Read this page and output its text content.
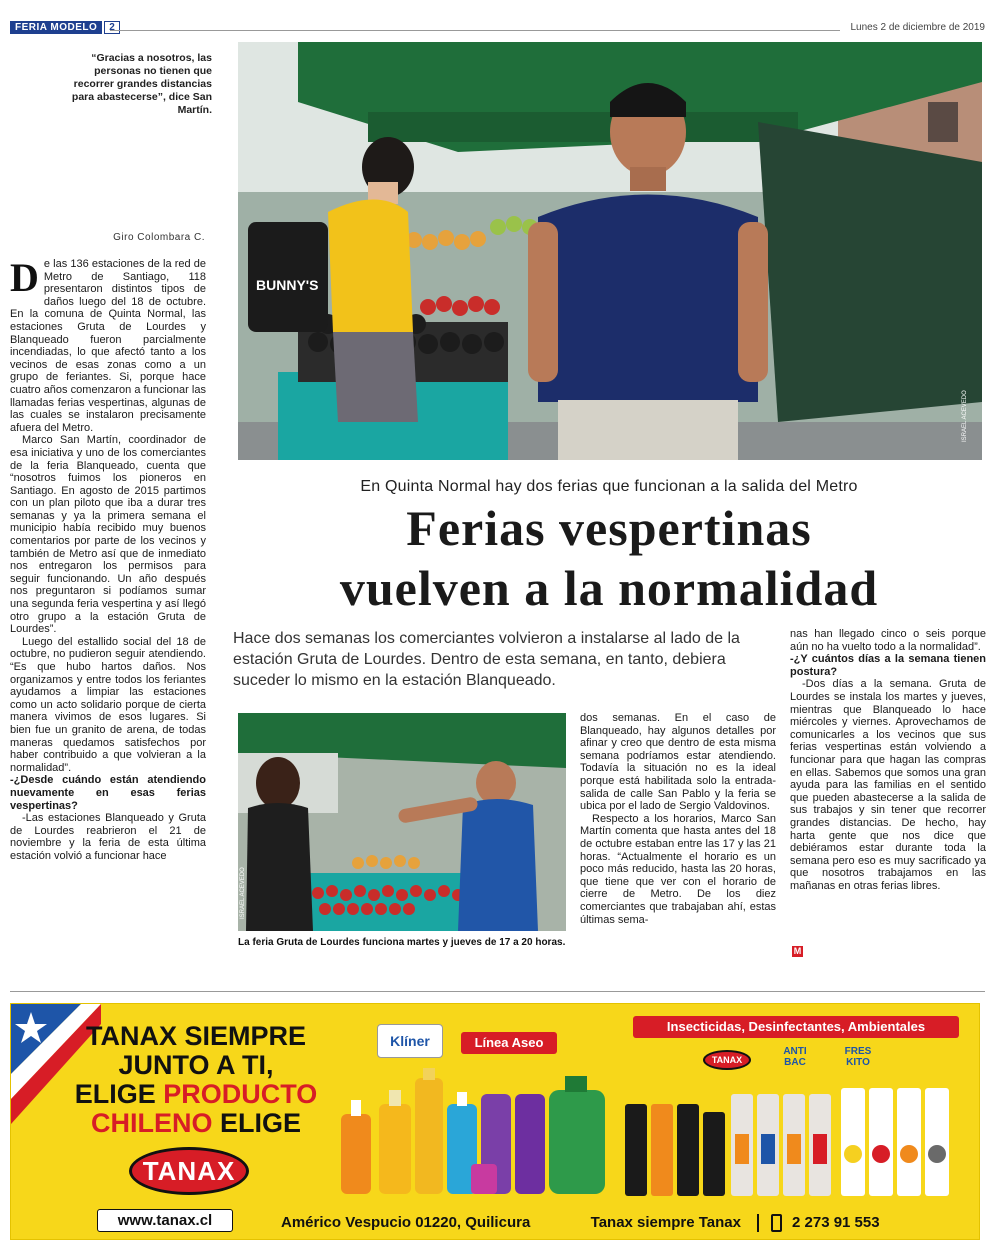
FERIA MODELO	2	Lunes 2 de diciembre de 2019
“Gracias a nosotros, las personas no tienen que recorrer grandes distancias para abastecerse”, dice San Martín.
Giro Colombara C.
BUNNY'S
ISRAEL ACEVEDO
En Quinta Normal hay dos ferias que funcionan a la salida del Metro
Ferias vespertinas
vuelven a la normalidad
Hace dos semanas los comerciantes volvieron a instalarse al lado de la estación Gruta de Lourdes. Dentro de esta semana, en tanto, debiera suceder lo mismo en la estación Blanqueado.

De las 136 estaciones de la red de Metro de Santiago, 118 presentaron distintos tipos de daños luego del 18 de octubre. En la comuna de Quinta Normal, las estaciones Gruta de Lourdes y Blanqueado fueron parcialmente incendiadas, lo que afectó tanto a los vecinos de esas zonas como a un grupo de feriantes. Si, porque hace cuatro años comenzaron a funcionar las llamadas ferias vespertinas, algunas de las cuales se instalaron precisamente afuera del Metro.

Marco San Martín, coordinador de esa iniciativa y uno de los comerciantes de la feria Blanqueado, cuenta que “nosotros fuimos los pioneros en Santiago. En agosto de 2015 partimos con un plan piloto que iba a durar tres semanas y ya la primera semana el municipio había recibido muy buenos comentarios por parte de los vecinos y también de Metro así que de inmediato nos entregaron los permisos para seguir funcionando. Un año después nos preguntaron si podíamos sumar una segunda feria vespertina y así llegó otro grupo a la estación Gruta de Lourdes”.

Luego del estallido social del 18 de octubre, no pudieron seguir atendiendo. “Es que hubo hartos daños. Nos organizamos y entre todos los feriantes ayudamos a limpiar las estaciones como un acto solidario porque de cierta manera vivimos de esos lugares. Si bien fue un granito de arena, de todas maneras quedamos satisfechos por haber contribuido a que volvieran a la normalidad”.

-¿Desde cuándo están atendiendo nuevamente en esas ferias vespertinas?

-Las estaciones Blanqueado y Gruta de Lourdes reabrieron el 21 de noviembre y la feria de esta última estación volvió a funcionar hace

ISRAEL ACEVEDO
La feria Gruta de Lourdes funciona martes y jueves de 17 a 20 horas.

dos semanas. En el caso de Blanqueado, hay algunos detalles por afinar y creo que dentro de esta misma semana podríamos estar atendiendo. Todavía la situación no es la ideal porque está habilitada solo la entrada-salida de calle San Pablo y la feria se ubica por el lado de Sergio Valdovinos.

Respecto a los horarios, Marco San Martín comenta que hasta antes del 18 de octubre estaban entre las 17 y las 21 horas. “Actualmente el horario es un poco más reducido, hasta las 20 horas, que tiene que ver con el horario de cierre de Metro. De los diez comerciantes que trabajaban ahí, estas últimas sema-

nas han llegado cinco o seis porque aún no ha vuelto todo a la normalidad”.

-¿Y cuántos días a la semana tienen postura?

-Dos días a la semana. Gruta de Lourdes se instala los martes y jueves, mientras que Blanqueado lo hace miércoles y viernes. Aprovechamos de comunicarles a los vecinos que sus ferias vespertinas están volviendo a funcionar para que hagan las compras en ellas. Sabemos que somos una gran ayuda para las familias en el sentido que pueden abastecerse a la salida de sus trabajos y sin tener que recorrer grandes distancias. De hecho, hay harta gente que nos dice que debiéramos estar durante toda la semana pero eso es muy sacrificado ya que nosotros trabajamos en las mañanas en otras ferias libres.

M
TANAX SIEMPRE
JUNTO A TI,
ELIGE PRODUCTO
CHILENO ELIGE
TANAX
www.tanax.cl
Klíner	Línea Aseo
Insecticidas, Desinfectantes, Ambientales
TANAX
ANTI BAC
FRES KITO
Américo Vespucio 01220, Quilicura	Tanax siempre Tanax	2 273 91 553
